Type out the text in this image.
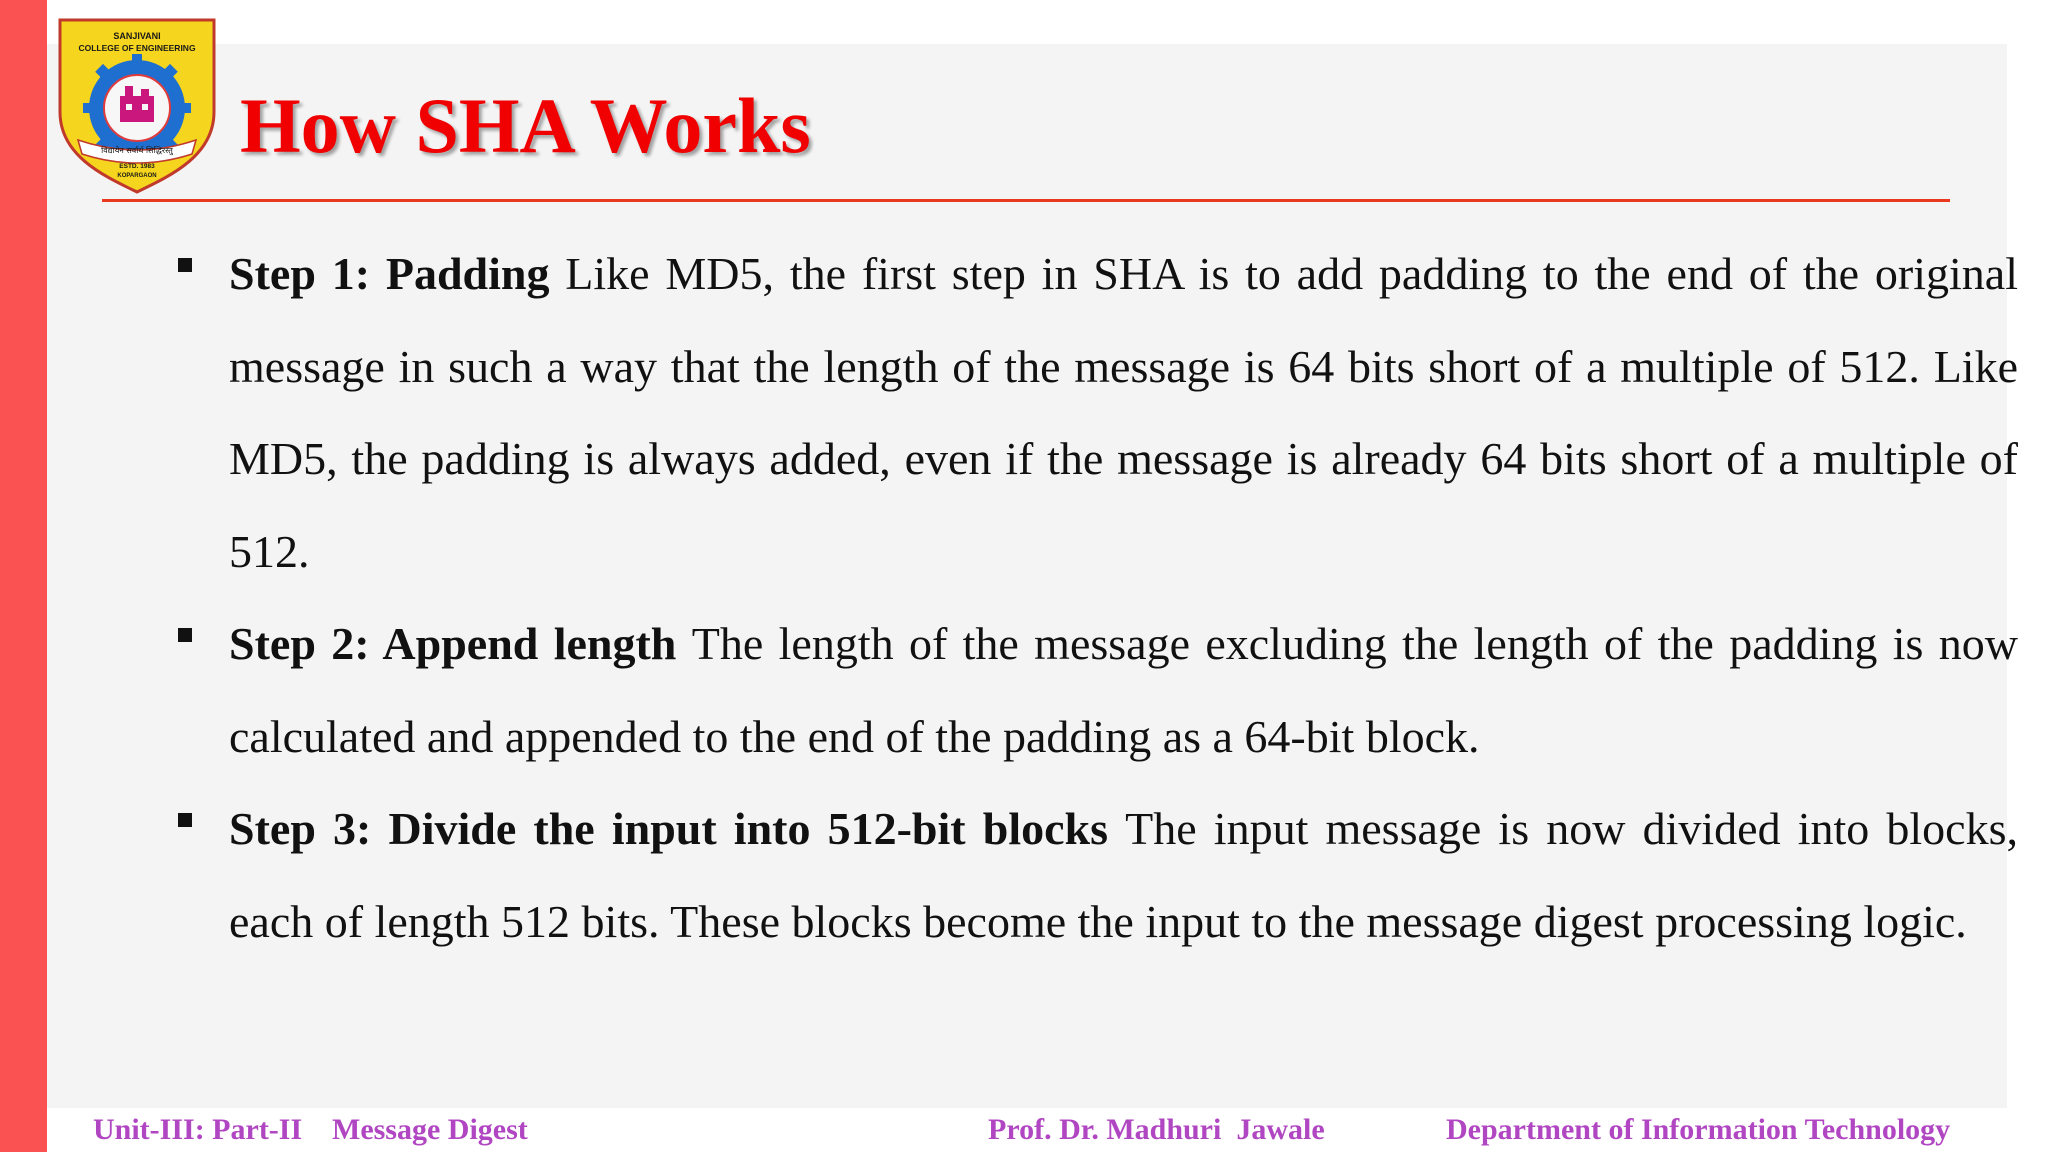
SANJIVANI
COLLEGE OF ENGINEERING
विद्यायेन सर्वार्थ सिद्धिरस्तु
ESTD. 1983
KOPARGAON
How SHA Works
Step 1: Padding Like MD5, the first step in SHA is to add padding to the end of the original message in such a way that the length of the message is 64 bits short of a multiple of 512. Like MD5, the padding is always added, even if the message is already 64 bits short of a multiple of 512.
Step 2: Append length The length of the message excluding the length of the padding is now calculated and appended to the end of the padding as a 64-bit block.
Step 3: Divide the input into 512-bit blocks The input message is now divided into blocks, each of length 512 bits. These blocks become the input to the message digest processing logic.
Unit-III: Part-II Message Digest	Prof. Dr. Madhuri  Jawale	Department of Information Technology
